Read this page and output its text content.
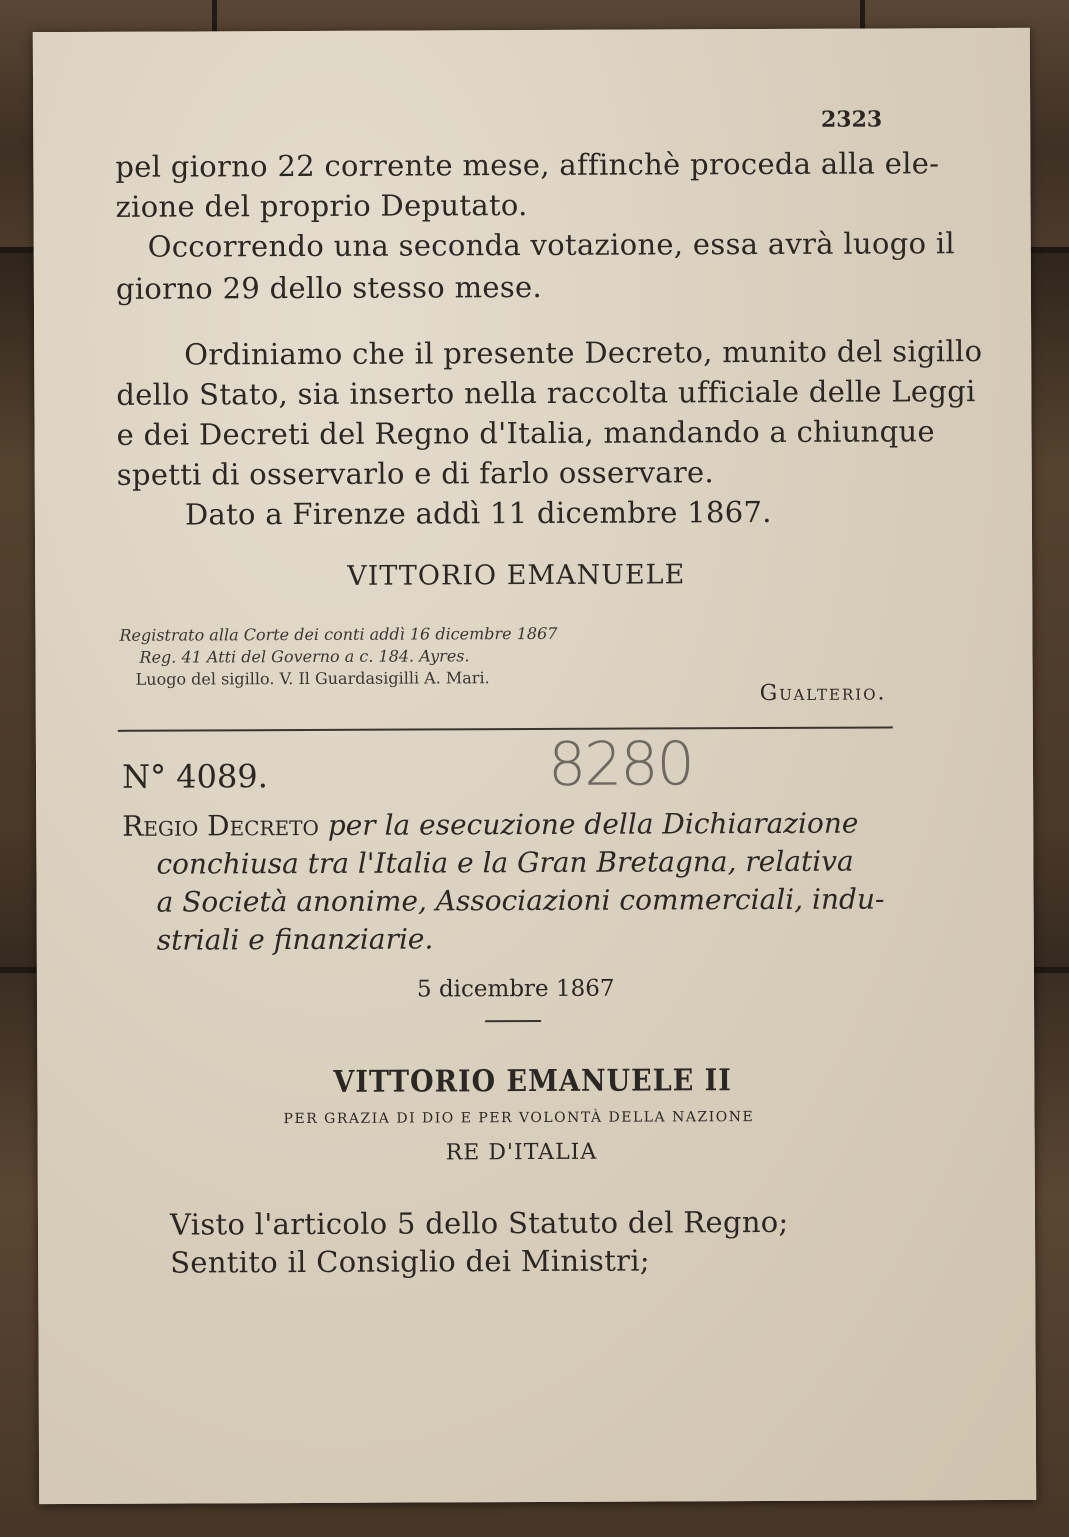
2323
pel giorno 22 corrente mese, affinchè proceda alla ele-
zione del proprio Deputato.
Occorrendo una seconda votazione, essa avrà luogo il
giorno 29 dello stesso mese.
Ordiniamo che il presente Decreto, munito del sigillo
dello Stato, sia inserto nella raccolta ufficiale delle Leggi
e dei Decreti del Regno d'Italia, mandando a chiunque
spetti di osservarlo e di farlo osservare.
Dato a Firenze addì 11 dicembre 1867.
VITTORIO EMANUELE
Registrato alla Corte dei conti addì 16 dicembre 1867
Reg. 41 Atti del Governo a c. 184. Ayres.
Luogo del sigillo. V. Il Guardasigilli A. Mari.
Gualterio.
N° 4089.	8280
Regio Decreto per la esecuzione della Dichiarazione
conchiusa tra l'Italia e la Gran Bretagna, relativa
a Società anonime, Associazioni commerciali, indu-
striali e finanziarie.
5 dicembre 1867
VITTORIO EMANUELE II
PER GRAZIA DI DIO E PER VOLONTÀ DELLA NAZIONE
RE D'ITALIA
Visto l'articolo 5 dello Statuto del Regno;
Sentito il Consiglio dei Ministri;
